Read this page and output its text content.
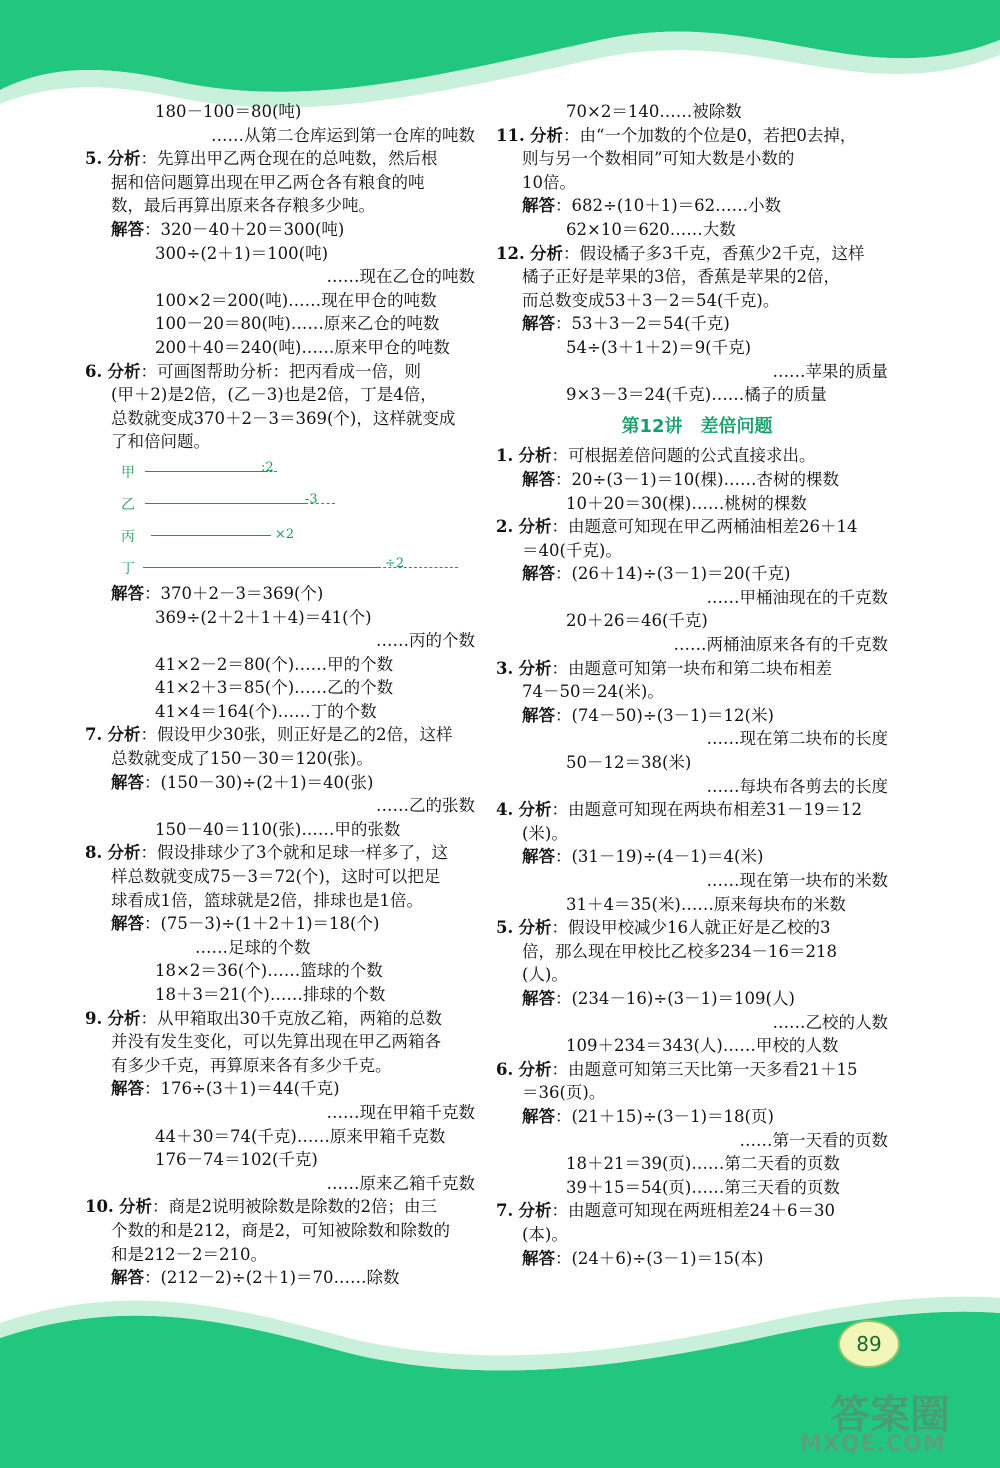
180－100＝80(吨)
……从第二仓库运到第一仓库的吨数
5. 分析：先算出甲乙两仓现在的总吨数，然后根
据和倍问题算出现在甲乙两仓各有粮食的吨
数，最后再算出原来各存粮多少吨。
解答：320－40＋20＝300(吨)
300÷(2＋1)＝100(吨)
……现在乙仓的吨数
100×2＝200(吨)……现在甲仓的吨数
100－20＝80(吨)……原来乙仓的吨数
200＋40＝240(吨)……原来甲仓的吨数
6. 分析：可画图帮助分析：把丙看成一倍，则
(甲＋2)是2倍，(乙－3)也是2倍，丁是4倍，
总数就变成370＋2－3＝369(个)，这样就变成
了和倍问题。
甲	:2
乙	-3
丙	×2
丁	÷2
解答：370＋2－3＝369(个)
369÷(2＋2＋1＋4)＝41(个)
……丙的个数
41×2－2＝80(个)……甲的个数
41×2＋3＝85(个)……乙的个数
41×4＝164(个)……丁的个数
7. 分析：假设甲少30张，则正好是乙的2倍，这样
总数就变成了150－30＝120(张)。
解答：(150－30)÷(2＋1)＝40(张)
……乙的张数
150－40＝110(张)……甲的张数
8. 分析：假设排球少了3个就和足球一样多了，这
样总数就变成75－3＝72(个)，这时可以把足
球看成1倍，篮球就是2倍，排球也是1倍。
解答：(75－3)÷(1＋2＋1)＝18(个)
……足球的个数
18×2＝36(个)……篮球的个数
18＋3＝21(个)……排球的个数
9. 分析：从甲箱取出30千克放乙箱，两箱的总数
并没有发生变化，可以先算出现在甲乙两箱各
有多少千克，再算原来各有多少千克。
解答：176÷(3＋1)＝44(千克)
……现在甲箱千克数
44＋30＝74(千克)……原来甲箱千克数
176－74＝102(千克)
……原来乙箱千克数
10. 分析：商是2说明被除数是除数的2倍；由三
个数的和是212，商是2，可知被除数和除数的
和是212－2＝210。
解答：(212－2)÷(2＋1)＝70……除数
70×2＝140……被除数
11. 分析：由“一个加数的个位是0，若把0去掉，
则与另一个数相同”可知大数是小数的
10倍。
解答：682÷(10＋1)＝62……小数
62×10＝620……大数
12. 分析：假设橘子多3千克，香蕉少2千克，这样
橘子正好是苹果的3倍，香蕉是苹果的2倍，
而总数变成53＋3－2＝54(千克)。
解答：53＋3－2＝54(千克)
54÷(3＋1＋2)＝9(千克)
……苹果的质量
9×3－3＝24(千克)……橘子的质量
第12讲　差倍问题
1. 分析：可根据差倍问题的公式直接求出。
解答：20÷(3－1)＝10(棵)……杏树的棵数
10＋20＝30(棵)……桃树的棵数
2. 分析：由题意可知现在甲乙两桶油相差26＋14
＝40(千克)。
解答：(26＋14)÷(3－1)＝20(千克)
……甲桶油现在的千克数
20＋26＝46(千克)
……两桶油原来各有的千克数
3. 分析：由题意可知第一块布和第二块布相差
74－50＝24(米)。
解答：(74－50)÷(3－1)＝12(米)
……现在第二块布的长度
50－12＝38(米)
……每块布各剪去的长度
4. 分析：由题意可知现在两块布相差31－19＝12
(米)。
解答：(31－19)÷(4－1)＝4(米)
……现在第一块布的米数
31＋4＝35(米)……原来每块布的米数
5. 分析：假设甲校减少16人就正好是乙校的3
倍，那么现在甲校比乙校多234－16＝218
(人)。
解答：(234－16)÷(3－1)＝109(人)
……乙校的人数
109＋234＝343(人)……甲校的人数
6. 分析：由题意可知第三天比第一天多看21＋15
＝36(页)。
解答：(21＋15)÷(3－1)＝18(页)
……第一天看的页数
18＋21＝39(页)……第二天看的页数
39＋15＝54(页)……第三天看的页数
7. 分析：由题意可知现在两班相差24＋6＝30
(本)。
解答：(24＋6)÷(3－1)＝15(本)
89
答案圈
MXQE.COM
